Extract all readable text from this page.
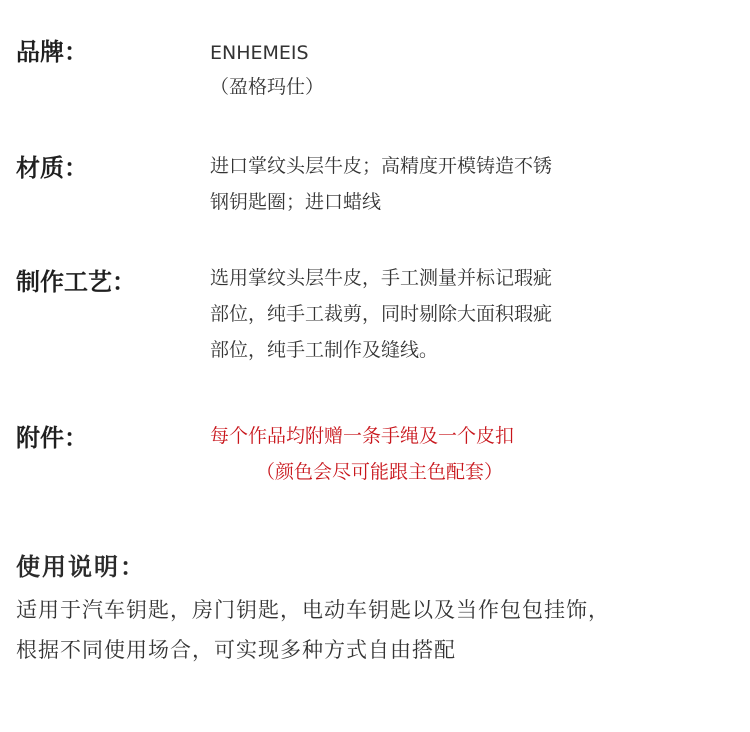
品牌：	ENHEMEIS
（盈格玛仕）
材质：	进口掌纹头层牛皮；高精度开模铸造不锈
钢钥匙圈；进口蜡线
制作工艺：	选用掌纹头层牛皮，手工测量并标记瑕疵
部位，纯手工裁剪，同时剔除大面积瑕疵
部位，纯手工制作及缝线。
附件：	每个作品均附赠一条手绳及一个皮扣
（颜色会尽可能跟主色配套）
使用说明：
适用于汽车钥匙，房门钥匙，电动车钥匙以及当作包包挂饰，
根据不同使用场合，可实现多种方式自由搭配
